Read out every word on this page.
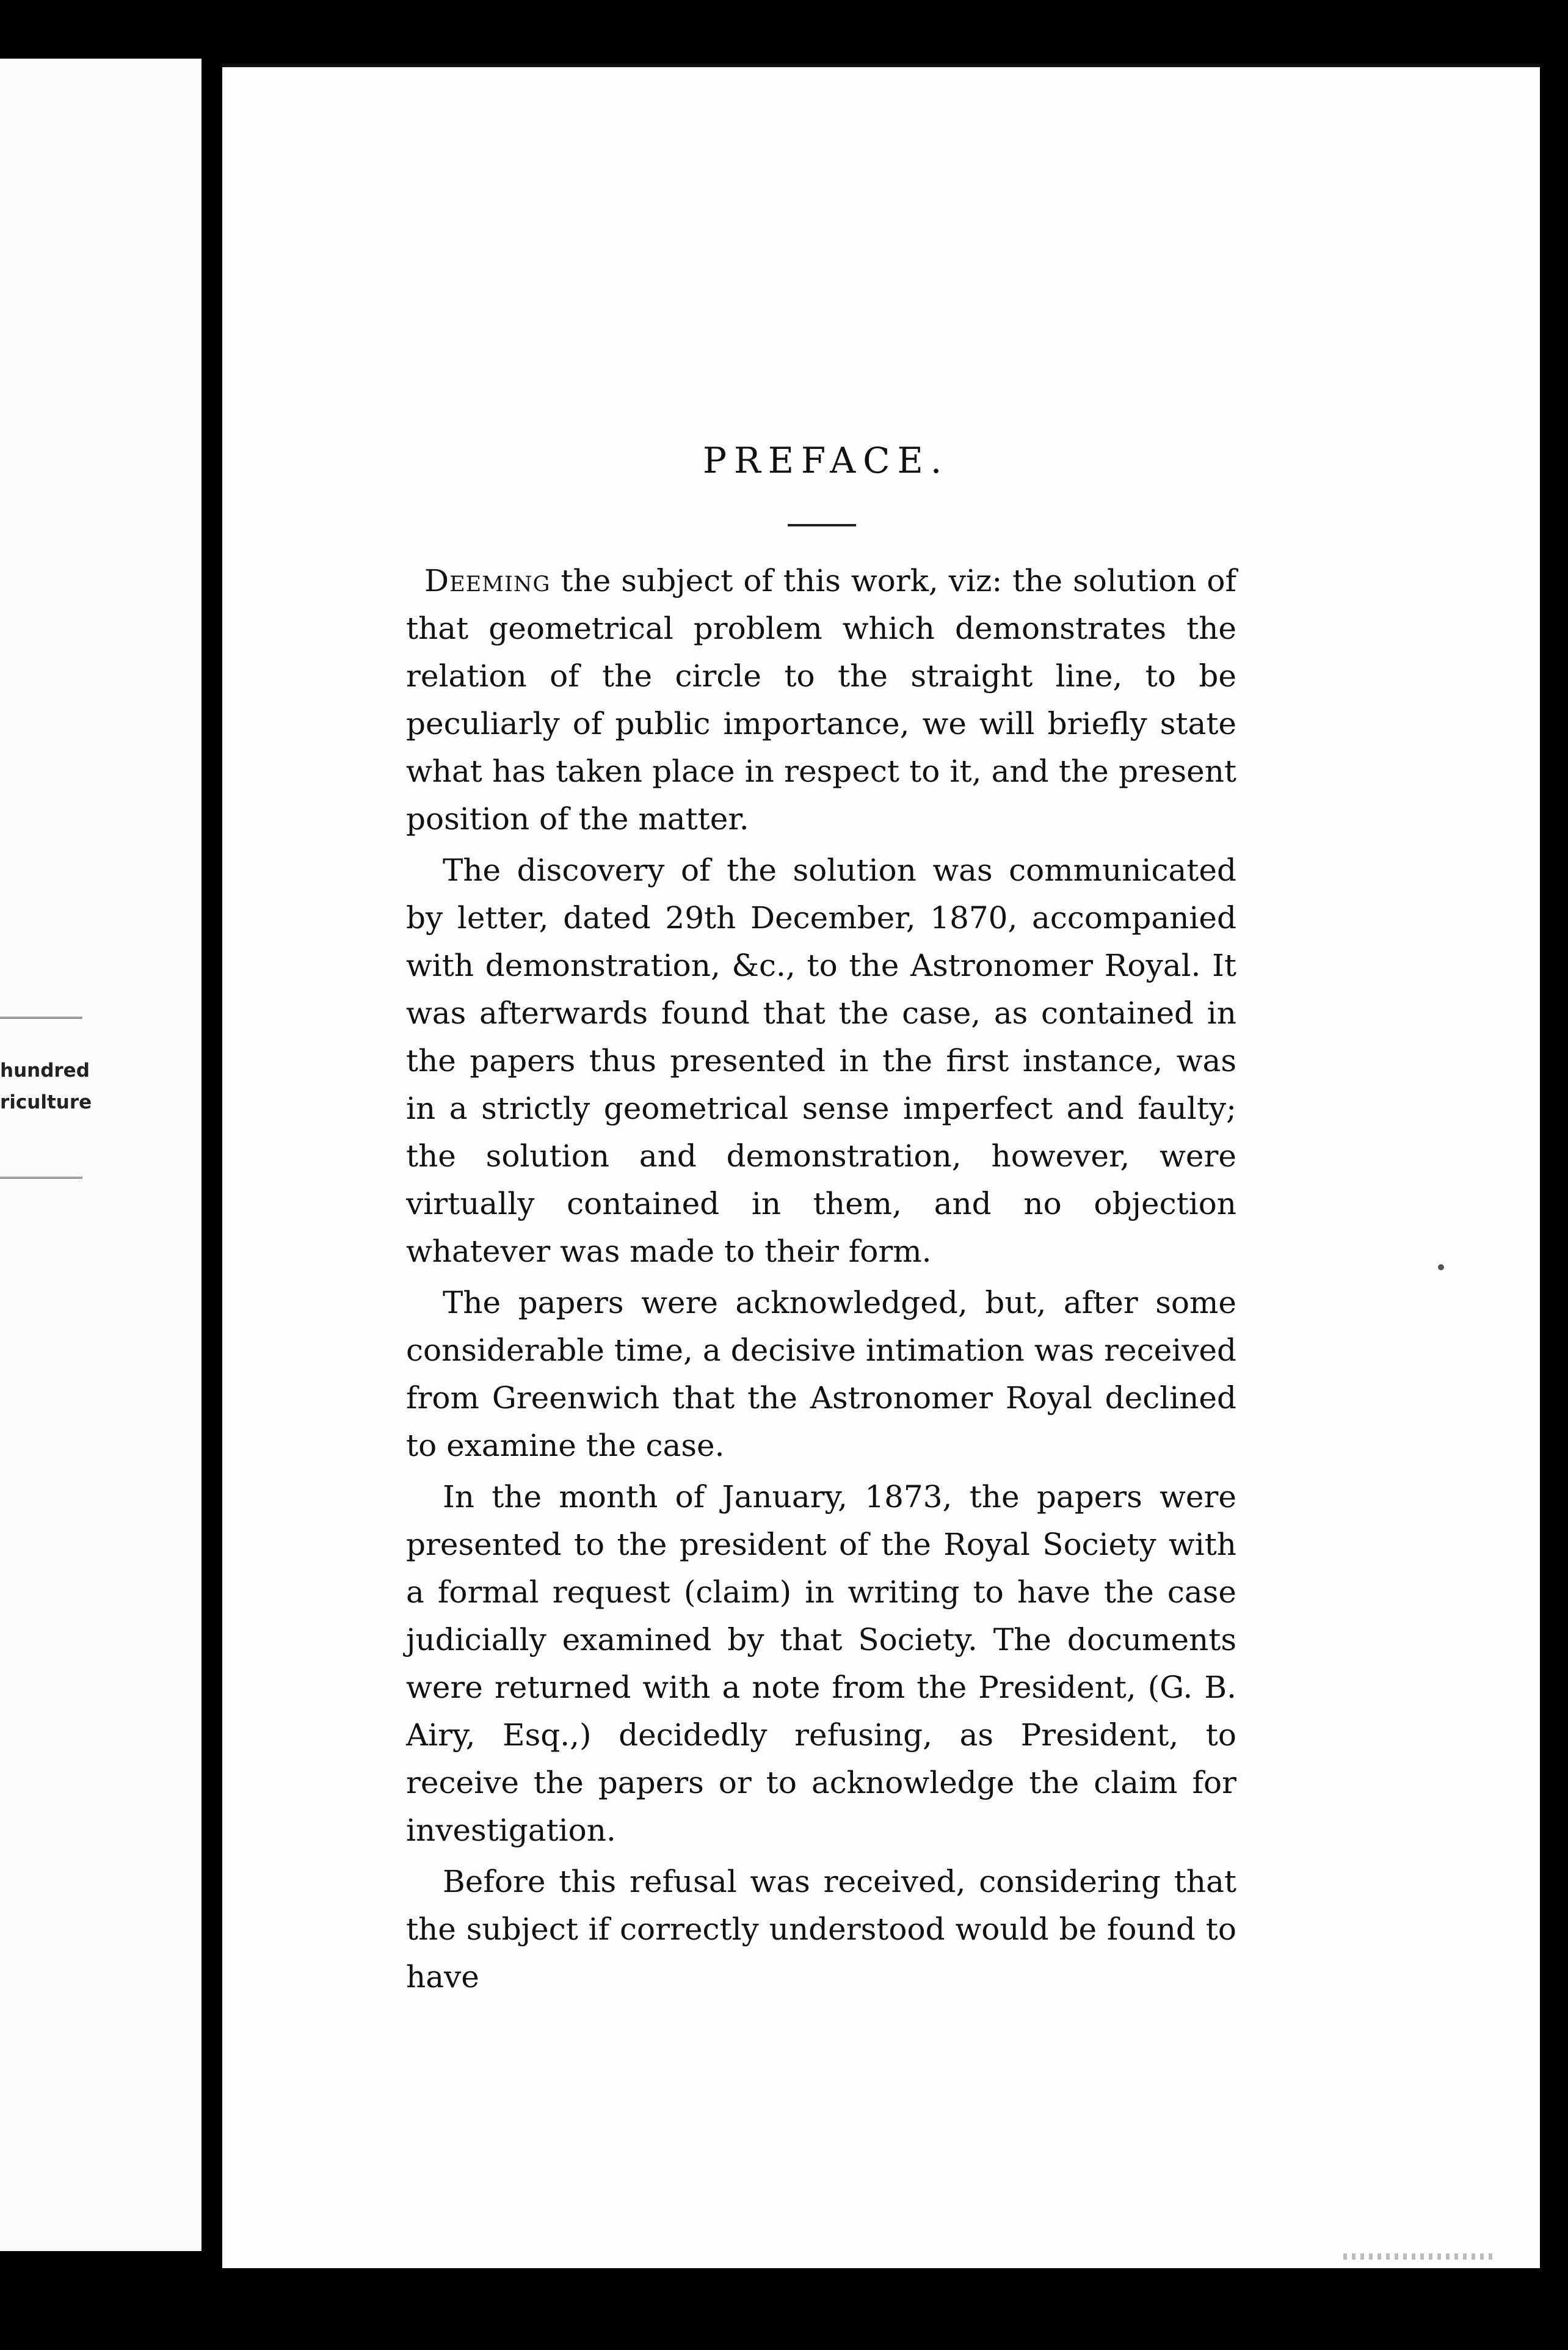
hundred
riculture
PREFACE.

Deeming the subject of this work, viz: the solution of that geometrical problem which demonstrates the relation of the circle to the straight line, to be peculiarly of public importance, we will briefly state what has taken place in respect to it, and the present position of the matter.

The discovery of the solution was communicated by letter, dated 29th December, 1870, accompanied with demonstration, &c., to the Astronomer Royal. It was afterwards found that the case, as contained in the papers thus presented in the first instance, was in a strictly geometrical sense imperfect and faulty; the solution and demonstration, however, were virtually contained in them, and no objection whatever was made to their form.

The papers were acknowledged, but, after some considerable time, a decisive intimation was received from Greenwich that the Astronomer Royal declined to examine the case.

In the month of January, 1873, the papers were presented to the president of the Royal Society with a formal request (claim) in writing to have the case judicially examined by that Society. The documents were returned with a note from the President, (G. B. Airy, Esq.,) decidedly refusing, as President, to receive the papers or to acknowledge the claim for investigation.

Before this refusal was received, considering that the subject if correctly understood would be found to have
